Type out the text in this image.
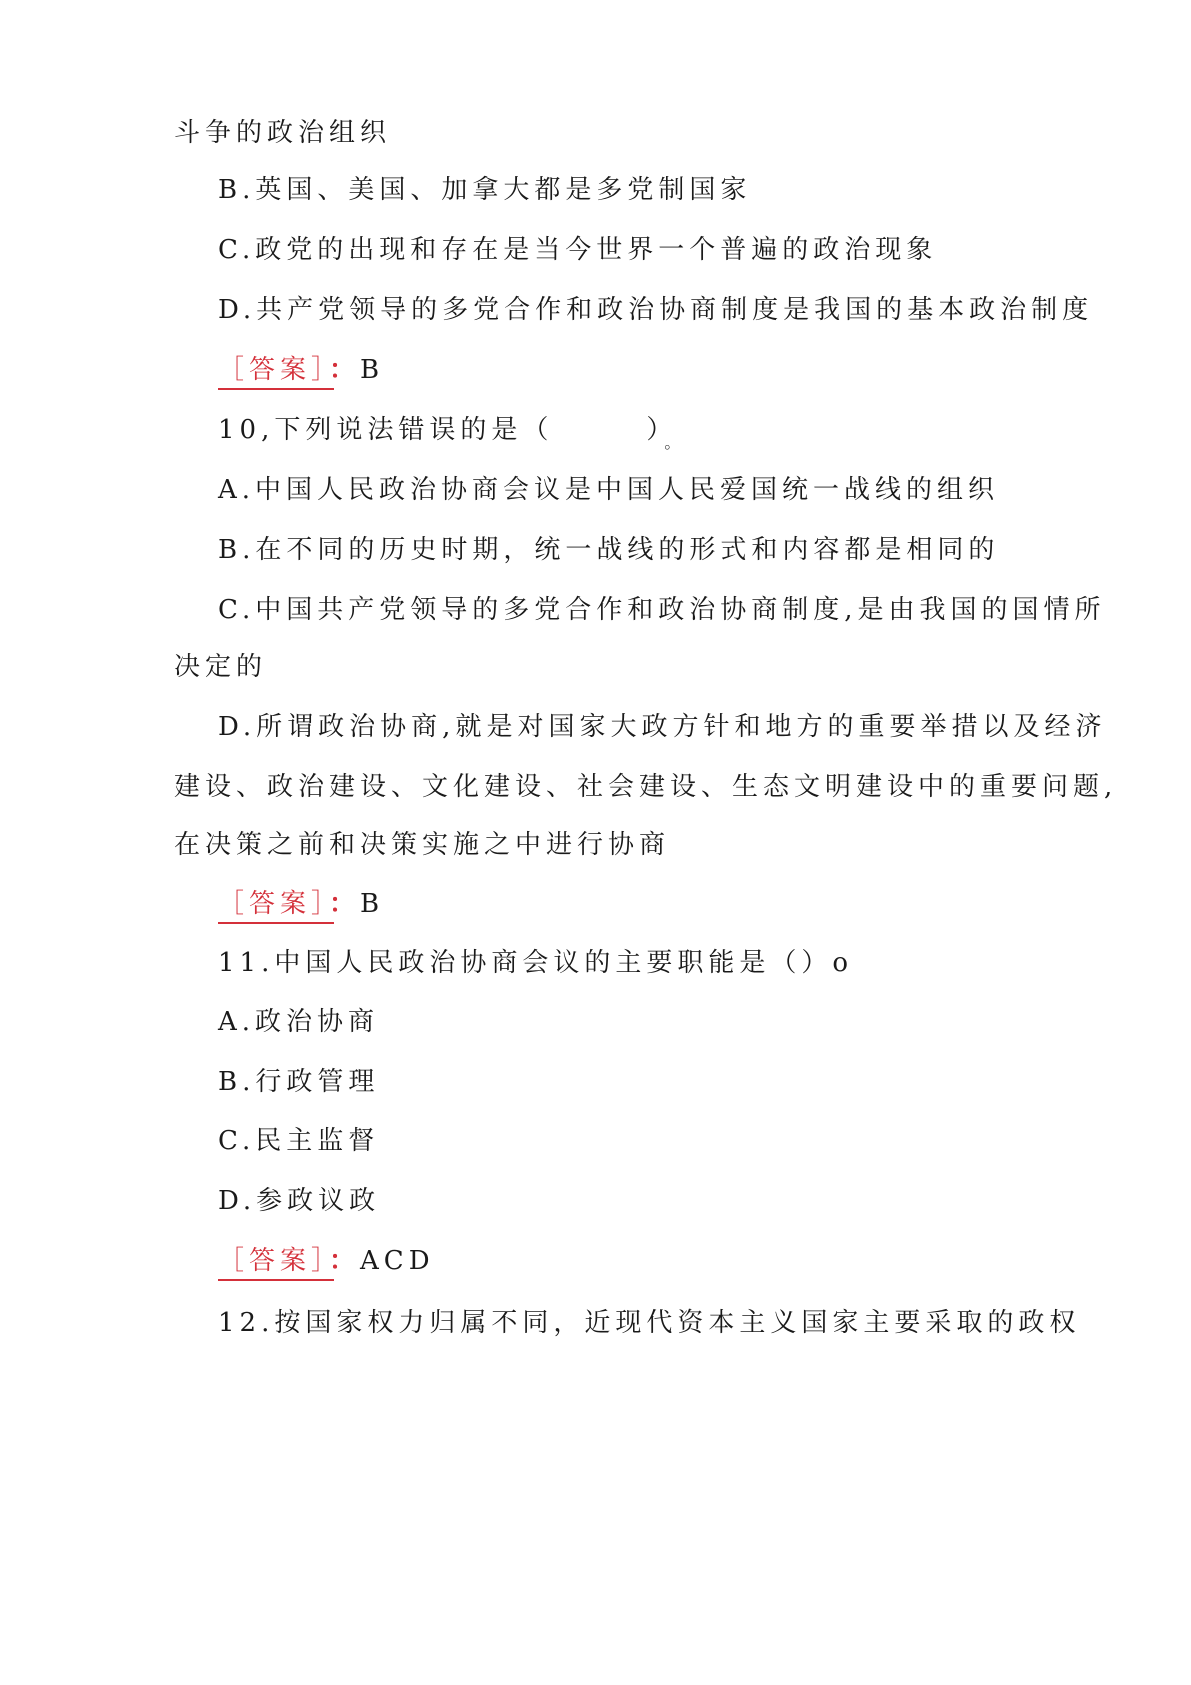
斗争的政治组织
B.英国、美国、加拿大都是多党制国家
C.政党的出现和存在是当今世界一个普遍的政治现象
D.共产党领导的多党合作和政治协商制度是我国的基本政治制度
［答案］：B
10,下列说法错误的是（　　　）$_。$
A.中国人民政治协商会议是中国人民爱国统一战线的组织
B.在不同的历史时期，统一战线的形式和内容都是相同的
C.中国共产党领导的多党合作和政治协商制度,是由我国的国情所
决定的
D.所谓政治协商,就是对国家大政方针和地方的重要举措以及经济
建设、政治建设、文化建设、社会建设、生态文明建设中的重要问题,
在决策之前和决策实施之中进行协商
［答案］：B
11.中国人民政治协商会议的主要职能是（）o
A.政治协商
B.行政管理
C.民主监督
D.参政议政
［答案］：ACD
12.按国家权力归属不同，近现代资本主义国家主要采取的政权
